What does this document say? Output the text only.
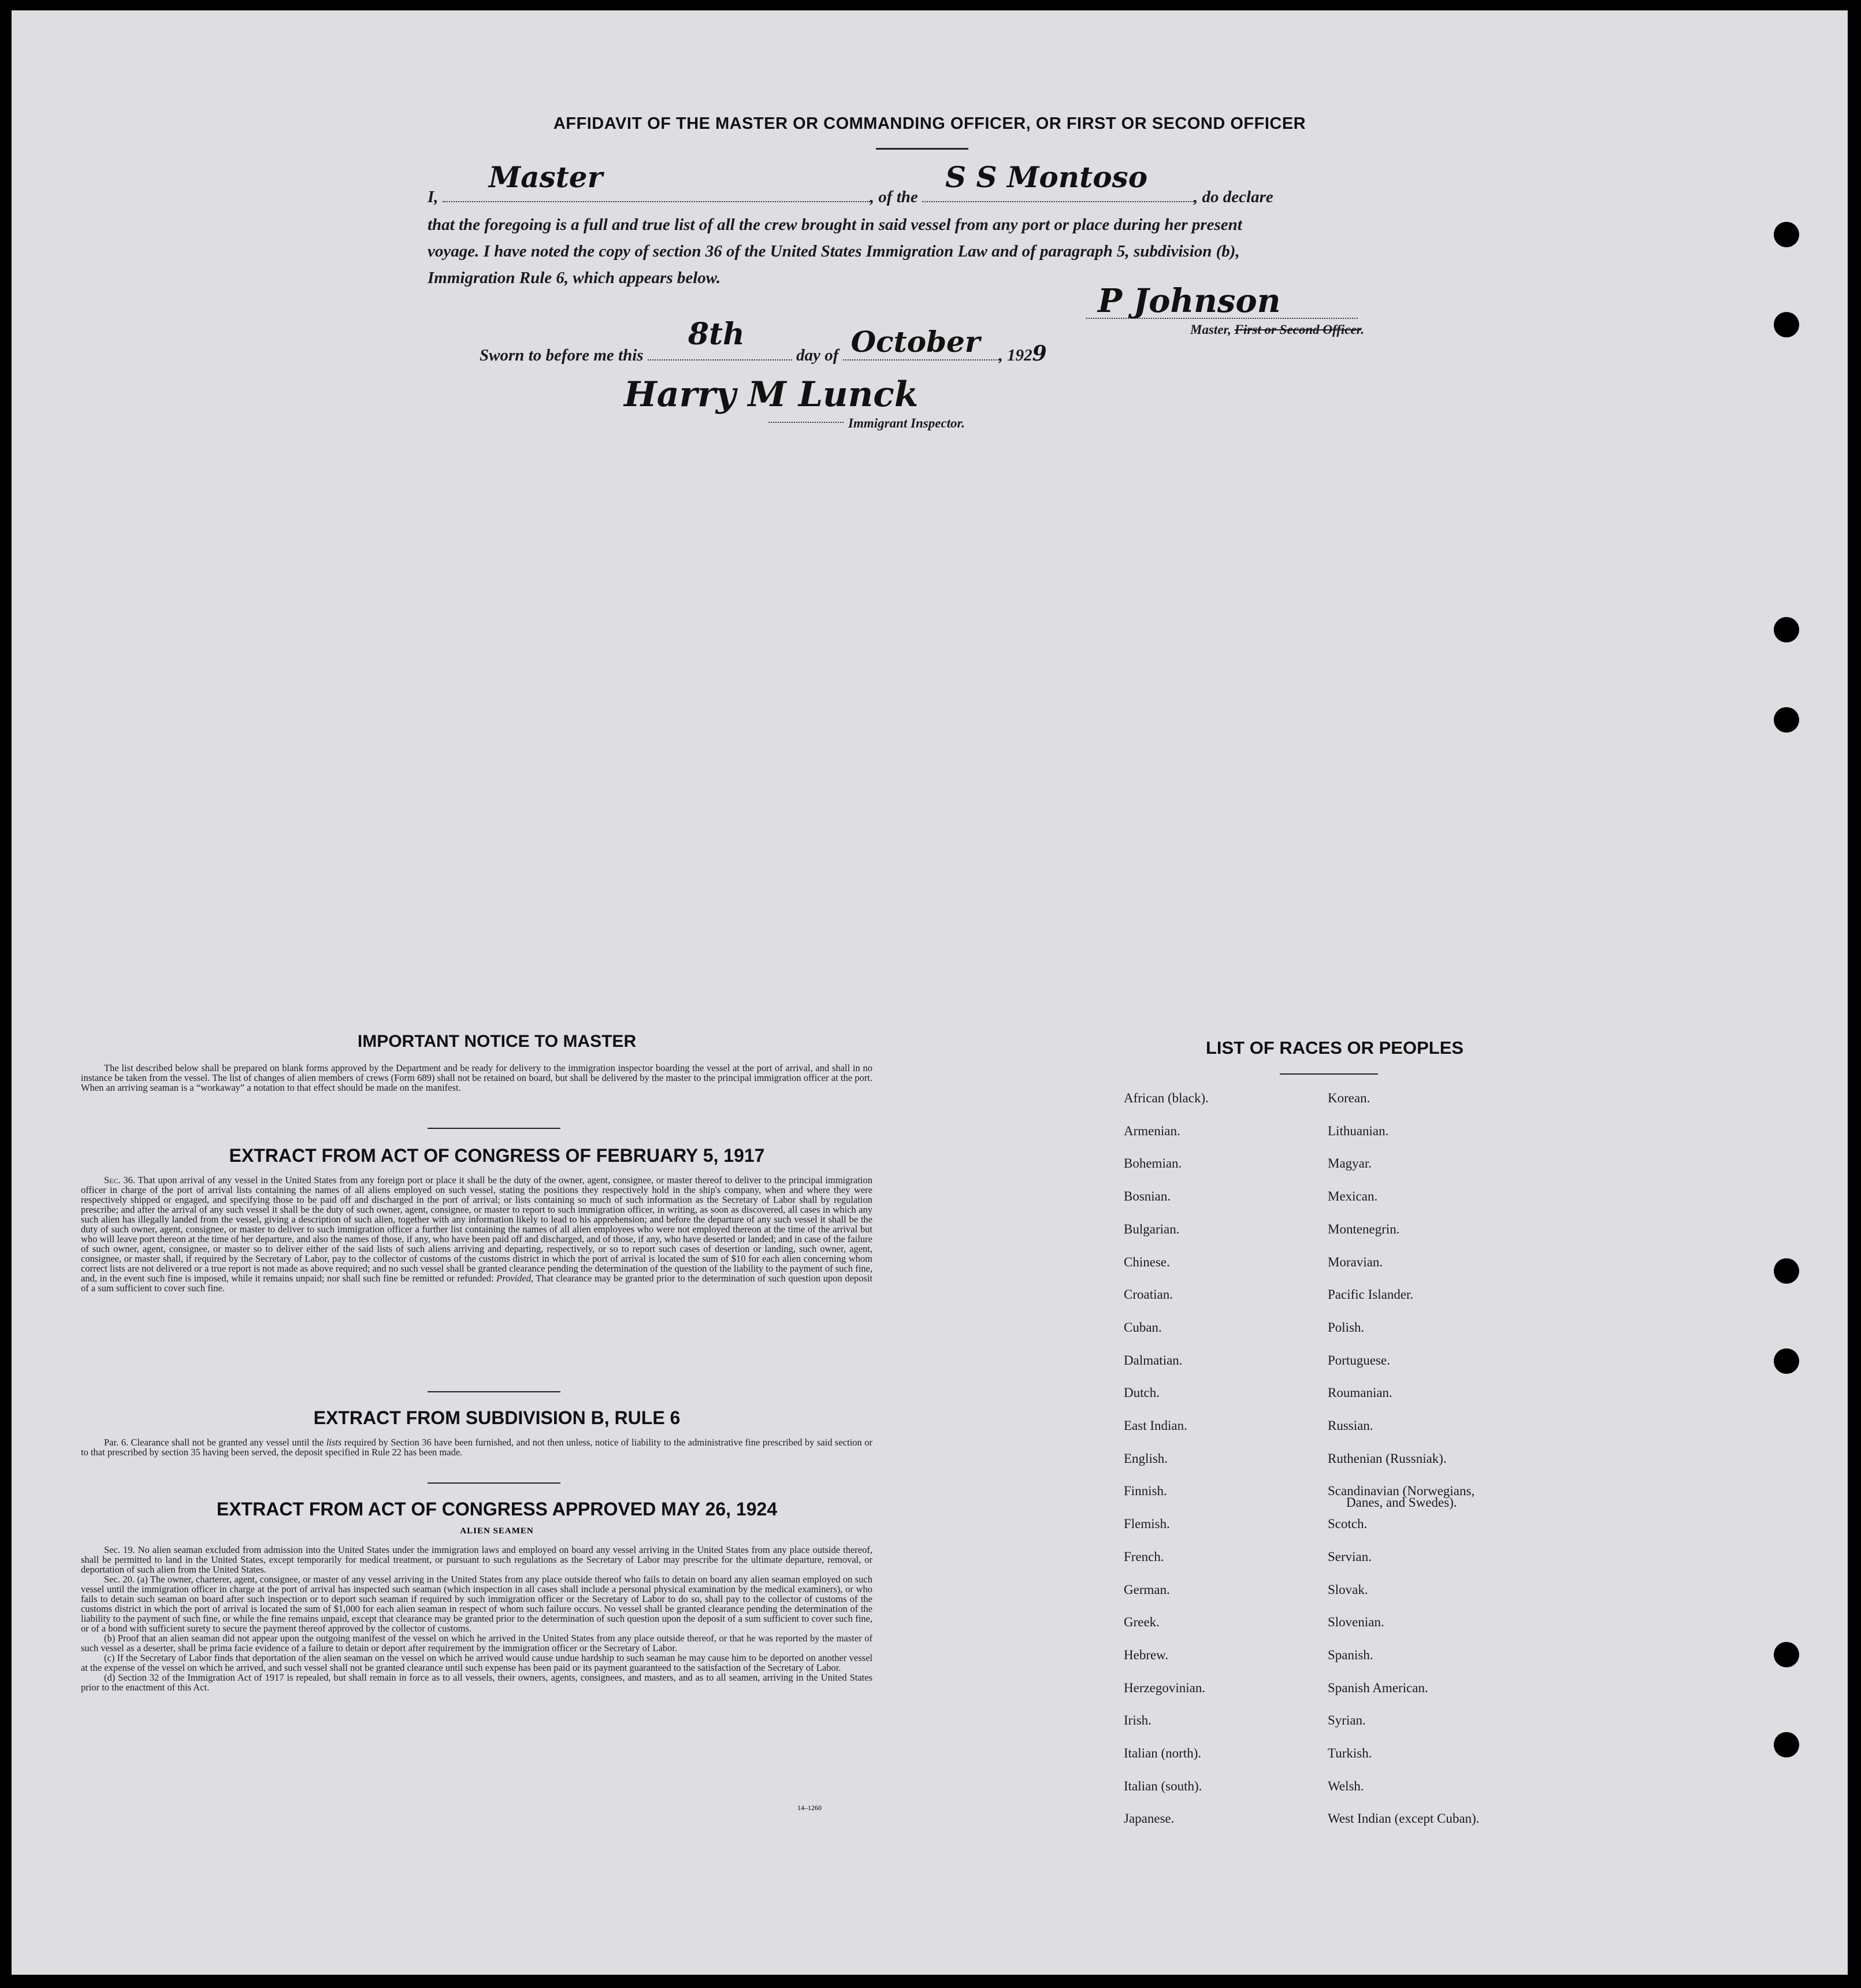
AFFIDAVIT OF THE MASTER OR COMMANDING OFFICER, OR FIRST OR SECOND OFFICER
I,
Master
, of the
S S Montoso
, do declare
that the foregoing is a full and true list of all the crew brought in said vessel from any port or place during her present
voyage. I have noted the copy of section 36 of the United States Immigration Law and of paragraph 5, subdivision (b),
Immigration Rule 6, which appears below.
P Johnson
Master, First or Second Officer.
Sworn to before me this
8th
day of October , 1929
Harry M Lunck
Immigrant Inspector.
IMPORTANT NOTICE TO MASTER

The list described below shall be prepared on blank forms approved by the Department and be ready for delivery to the immigration inspector boarding the vessel at the port of arrival, and shall in no instance be taken from the vessel. The list of changes of alien members of crews (Form 689) shall not be retained on board, but shall be delivered by the master to the principal immigration officer at the port. When an arriving seaman is a “workaway” a notation to that effect should be made on the manifest.

EXTRACT FROM ACT OF CONGRESS OF FEBRUARY 5, 1917

Sec. 36. That upon arrival of any vessel in the United States from any foreign port or place it shall be the duty of the owner, agent, consignee, or master thereof to deliver to the principal immigration officer in charge of the port of arrival lists containing the names of all aliens employed on such vessel, stating the positions they respectively hold in the ship's company, when and where they were respectively shipped or engaged, and specifying those to be paid off and discharged in the port of arrival; or lists containing so much of such information as the Secretary of Labor shall by regulation prescribe; and after the arrival of any such vessel it shall be the duty of such owner, agent, consignee, or master to report to such immigration officer, in writing, as soon as discovered, all cases in which any such alien has illegally landed from the vessel, giving a description of such alien, together with any information likely to lead to his apprehension; and before the departure of any such vessel it shall be the duty of such owner, agent, consignee, or master to deliver to such immigration officer a further list containing the names of all alien employees who were not employed thereon at the time of the arrival but who will leave port thereon at the time of her departure, and also the names of those, if any, who have been paid off and discharged, and of those, if any, who have deserted or landed; and in case of the failure of such owner, agent, consignee, or master so to deliver either of the said lists of such aliens arriving and departing, respectively, or so to report such cases of desertion or landing, such owner, agent, consignee, or master shall, if required by the Secretary of Labor, pay to the collector of customs of the customs district in which the port of arrival is located the sum of $10 for each alien concerning whom correct lists are not delivered or a true report is not made as above required; and no such vessel shall be granted clearance pending the determination of the question of the liability to the payment of such fine, and, in the event such fine is imposed, while it remains unpaid; nor shall such fine be remitted or refunded: Provided, That clearance may be granted prior to the determination of such question upon deposit of a sum sufficient to cover such fine.

EXTRACT FROM SUBDIVISION B, RULE 6

Par. 6. Clearance shall not be granted any vessel until the lists required by Section 36 have been furnished, and not then unless, notice of liability to the administrative fine prescribed by said section or to that prescribed by section 35 having been served, the deposit specified in Rule 22 has been made.

EXTRACT FROM ACT OF CONGRESS APPROVED MAY 26, 1924
ALIEN SEAMEN

Sec. 19. No alien seaman excluded from admission into the United States under the immigration laws and employed on board any vessel arriving in the United States from any place outside thereof, shall be permitted to land in the United States, except temporarily for medical treatment, or pursuant to such regulations as the Secretary of Labor may prescribe for the ultimate departure, removal, or deportation of such alien from the United States.

Sec. 20. (a) The owner, charterer, agent, consignee, or master of any vessel arriving in the United States from any place outside thereof who fails to detain on board any alien seaman employed on such vessel until the immigration officer in charge at the port of arrival has inspected such seaman (which inspection in all cases shall include a personal physical examination by the medical examiners), or who fails to detain such seaman on board after such inspection or to deport such seaman if required by such immigration officer or the Secretary of Labor to do so, shall pay to the collector of customs of the customs district in which the port of arrival is located the sum of $1,000 for each alien seaman in respect of whom such failure occurs. No vessel shall be granted clearance pending the determination of the liability to the payment of such fine, or while the fine remains unpaid, except that clearance may be granted prior to the determination of such question upon the deposit of a sum sufficient to cover such fine, or of a bond with sufficient surety to secure the payment thereof approved by the collector of customs.

(b) Proof that an alien seaman did not appear upon the outgoing manifest of the vessel on which he arrived in the United States from any place outside thereof, or that he was reported by the master of such vessel as a deserter, shall be prima facie evidence of a failure to detain or deport after requirement by the immigration officer or the Secretary of Labor.

(c) If the Secretary of Labor finds that deportation of the alien seaman on the vessel on which he arrived would cause undue hardship to such seaman he may cause him to be deported on another vessel at the expense of the vessel on which he arrived, and such vessel shall not be granted clearance until such expense has been paid or its payment guaranteed to the satisfaction of the Secretary of Labor.

(d) Section 32 of the Immigration Act of 1917 is repealed, but shall remain in force as to all vessels, their owners, agents, consignees, and masters, and as to all seamen, arriving in the United States prior to the enactment of this Act.

14–1260
LIST OF RACES OR PEOPLES
African (black).
Armenian.
Bohemian.
Bosnian.
Bulgarian.
Chinese.
Croatian.
Cuban.
Dalmatian.
Dutch.
East Indian.
English.
Finnish.
Flemish.
French.
German.
Greek.
Hebrew.
Herzegovinian.
Irish.
Italian (north).
Italian (south).
Japanese.
Korean.
Lithuanian.
Magyar.
Mexican.
Montenegrin.
Moravian.
Pacific Islander.
Polish.
Portuguese.
Roumanian.
Russian.
Ruthenian (Russniak).
Scandinavian (Norwegians,
Scotch.
Servian.
Slovak.
Slovenian.
Spanish.
Spanish American.
Syrian.
Turkish.
Welsh.
West Indian (except Cuban).
Danes, and Swedes).
